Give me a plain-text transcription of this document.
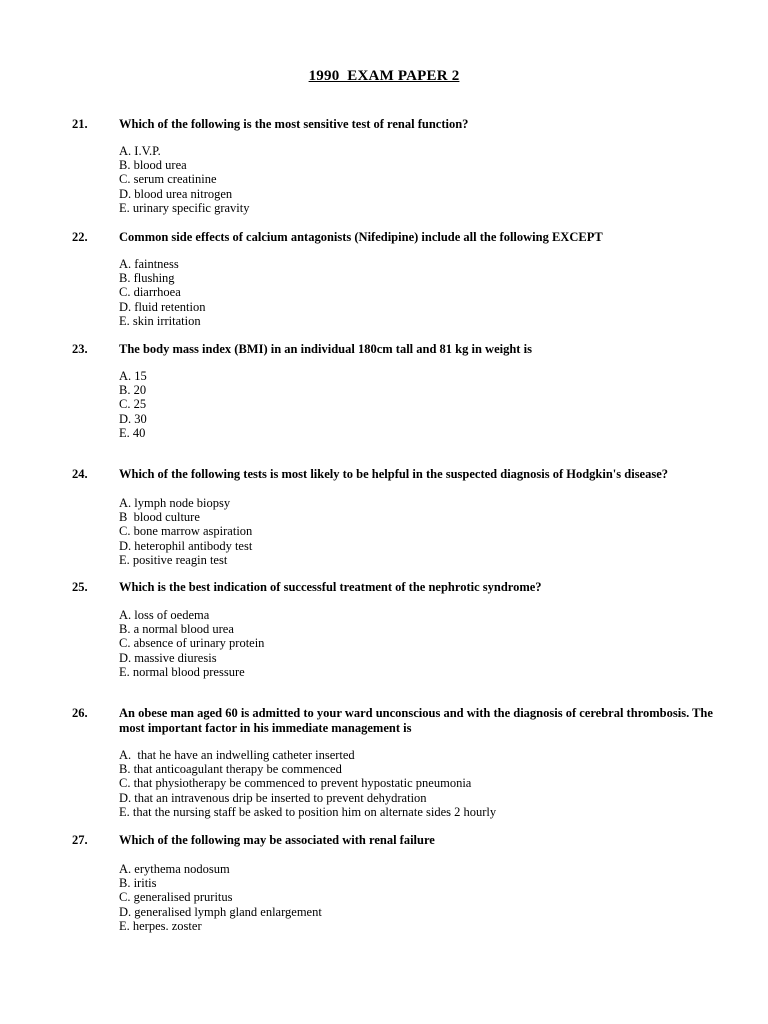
1990  EXAM PAPER 2
21.	Which of the following is the most sensitive test of renal function?
A. I.V.P.
B. blood urea
C. serum creatinine
D. blood urea nitrogen
E. urinary specific gravity
22.	Common side effects of calcium antagonists (Nifedipine) include all the following EXCEPT
A. faintness
B. flushing
C. diarrhoea
D. fluid retention
E. skin irritation
23.	The body mass index (BMI) in an individual 180cm tall and 81 kg in weight is
A. 15
B. 20
C. 25
D. 30
E. 40
24.	Which of the following tests is most likely to be helpful in the suspected diagnosis of Hodgkin's disease?
A. lymph node biopsy
B  blood culture
C. bone marrow aspiration
D. heterophil antibody test
E. positive reagin test
25.	Which is the best indication of successful treatment of the nephrotic syndrome?
A. loss of oedema
B. a normal blood urea
C. absence of urinary protein
D. massive diuresis
E. normal blood pressure
26.	An obese man aged 60 is admitted to your ward unconscious and with the diagnosis of cerebral thrombosis. The most important factor in his immediate management is
A.  that he have an indwelling catheter inserted
B. that anticoagulant therapy be commenced
C. that physiotherapy be commenced to prevent hypostatic pneumonia
D. that an intravenous drip be inserted to prevent dehydration
E. that the nursing staff be asked to position him on alternate sides 2 hourly
27.	Which of the following may be associated with renal failure
A. erythema nodosum
B. iritis
C. generalised pruritus
D. generalised lymph gland enlargement
E. herpes. zoster
